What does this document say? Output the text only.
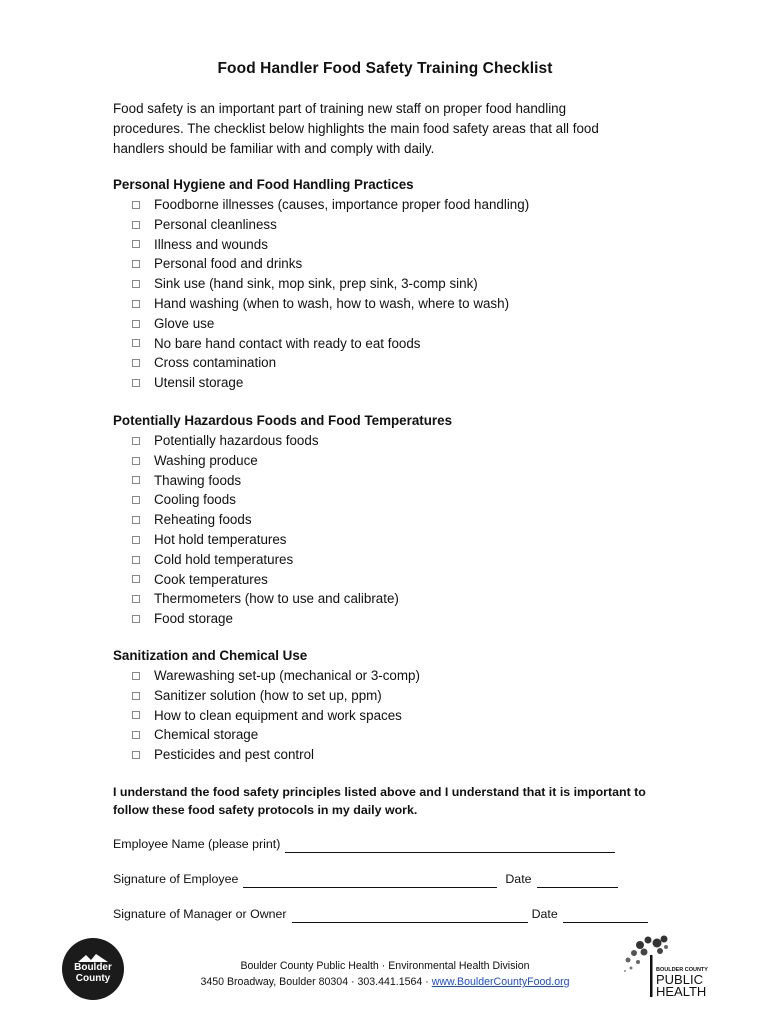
Food Handler Food Safety Training Checklist
Food safety is an important part of training new staff on proper food handling procedures. The checklist below highlights the main food safety areas that all food handlers should be familiar with and comply with daily.
Personal Hygiene and Food Handling Practices
Foodborne illnesses (causes, importance proper food handling)
Personal cleanliness
Illness and wounds
Personal food and drinks
Sink use (hand sink, mop sink, prep sink, 3-comp sink)
Hand washing (when to wash, how to wash, where to wash)
Glove use
No bare hand contact with ready to eat foods
Cross contamination
Utensil storage
Potentially Hazardous Foods and Food Temperatures
Potentially hazardous foods
Washing produce
Thawing foods
Cooling foods
Reheating foods
Hot hold temperatures
Cold hold temperatures
Cook temperatures
Thermometers (how to use and calibrate)
Food storage
Sanitization and Chemical Use
Warewashing set-up (mechanical or 3-comp)
Sanitizer solution (how to set up, ppm)
How to clean equipment and work spaces
Chemical storage
Pesticides and pest control
I understand the food safety principles listed above and I understand that it is important to follow these food safety protocols in my daily work.
Employee Name (please print)
Signature of Employee	Date
Signature of Manager or Owner	Date
Boulder
County
Boulder County Public Health · Environmental Health Division
3450 Broadway, Boulder 80304 · 303.441.1564 · www.BoulderCountyFood.org
BOULDER COUNTY
PUBLIC
HEALTH
